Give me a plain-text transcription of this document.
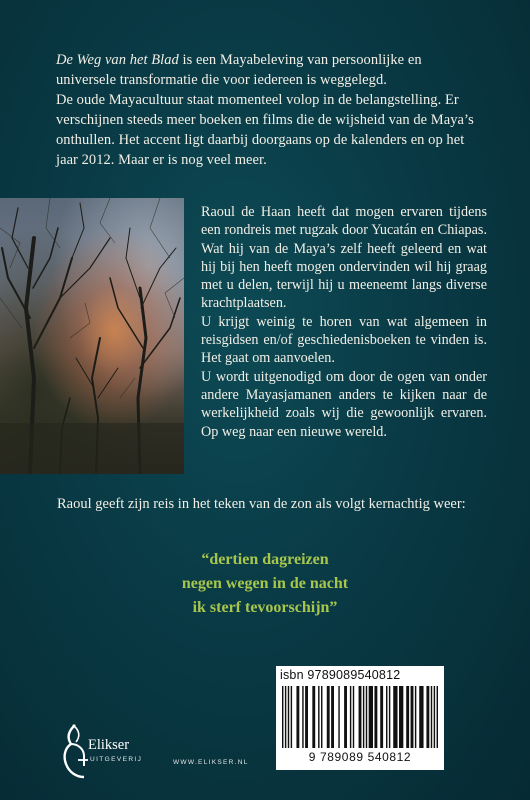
De Weg van het Blad is een Mayabeleving van persoonlijke en universele transformatie die voor iedereen is weggelegd.

De oude Mayacultuur staat momenteel volop in de belangstelling. Er verschijnen steeds meer boeken en films die de wijsheid van de Maya’s onthullen. Het accent ligt daarbij doorgaans op de kalenders en op het jaar 2012. Maar er is nog veel meer.

Raoul de Haan heeft dat mogen ervaren tijdens een rondreis met rugzak door Yucatán en Chiapas. Wat hij van de Maya’s zelf heeft geleerd en wat hij bij hen heeft mogen ondervinden wil hij graag met u delen, terwijl hij u meeneemt langs diverse krachtplaatsen.

U krijgt weinig te horen van wat algemeen in reisgidsen en/of geschiedenisboeken te vinden is. Het gaat om aanvoelen.

U wordt uitgenodigd om door de ogen van onder andere Mayasjamanen anders te kijken naar de werkelijkheid zoals wij die gewoonlijk ervaren. Op weg naar een nieuwe wereld.

Raoul geeft zijn reis in het teken van de zon als volgt kernachtig weer:
“dertien dagreizen
negen wegen in de nacht
ik sterf tevoorschijn”
isbn 9789089540812
9 789089 540812
Elikser
UITGEVERIJ	WWW.ELIKSER.NL
